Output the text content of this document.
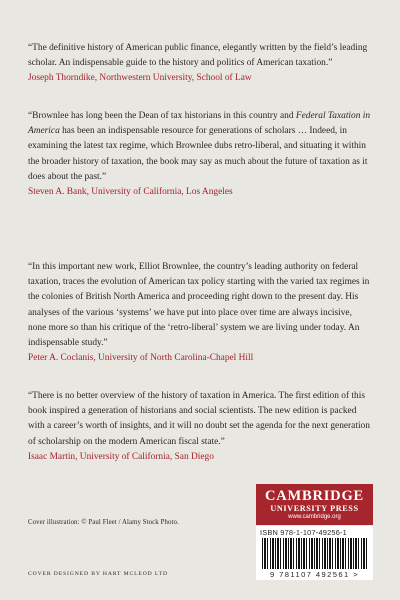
“The definitive history of American public finance, elegantly written by the field’s leading scholar. An indispensable guide to the history and politics of American taxation.”

Joseph Thorndike, Northwestern University, School of Law

“Brownlee has long been the Dean of tax historians in this country and Federal Taxation in America has been an indispensable resource for generations of scholars … Indeed, in examining the latest tax regime, which Brownlee dubs retro-liberal, and situating it within the broader history of taxation, the book may say as much about the future of taxation as it does about the past.”

Steven A. Bank, University of California, Los Angeles

“In this important new work, Elliot Brownlee, the country’s leading authority on federal taxation, traces the evolution of American tax policy starting with the varied tax regimes in the colonies of British North America and proceeding right down to the present day. His analyses of the various ‘systems’ we have put into place over time are always incisive, none more so than his critique of the ‘retro-liberal’ system we are living under today. An indispensable study.”

Peter A. Coclanis, University of North Carolina-Chapel Hill

“There is no better overview of the history of taxation in America. The first edition of this book inspired a generation of historians and social scientists. The new edition is packed with a career’s worth of insights, and it will no doubt set the agenda for the next generation of scholarship on the modern American fiscal state.”

Isaac Martin, University of California, San Diego

Cover illustration: © Paul Fleet / Alamy Stock Photo.
COVER DESIGNED BY HART MCLEOD LTD
CAMBRIDGE
UNIVERSITY PRESS
www.cambridge.org
ISBN 978-1-107-49256-1
9 781107 492561 >
